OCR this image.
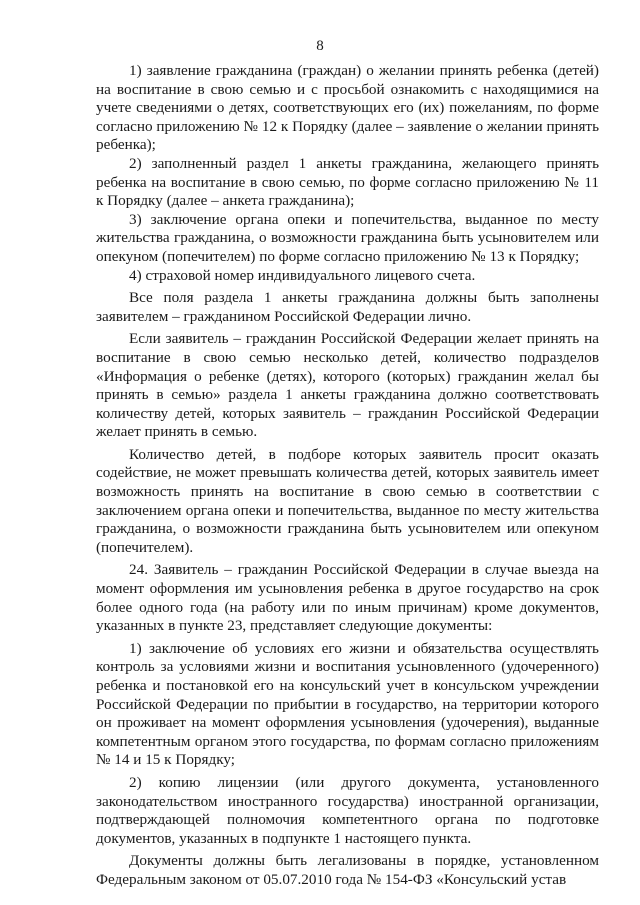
8

1) заявление гражданина (граждан) о желании принять ребенка (детей) на воспитание в свою семью и с просьбой ознакомить с находящимися на учете сведениями о детях, соответствующих его (их) пожеланиям, по форме согласно приложению № 12 к Порядку (далее – заявление о желании принять ребенка);

2) заполненный раздел 1 анкеты гражданина, желающего принять ребенка на воспитание в свою семью, по форме согласно приложению № 11 к Порядку (далее – анкета гражданина);

3) заключение органа опеки и попечительства, выданное по месту жительства гражданина, о возможности гражданина быть усыновителем или опекуном (попечителем) по форме согласно приложению № 13 к Порядку;

4) страховой номер индивидуального лицевого счета.

Все поля раздела 1 анкеты гражданина должны быть заполнены заявителем – гражданином Российской Федерации лично.

Если заявитель – гражданин Российской Федерации желает принять на воспитание в свою семью несколько детей, количество подразделов «Информация о ребенке (детях), которого (которых) гражданин желал бы принять в семью» раздела 1 анкеты гражданина должно соответствовать количеству детей, которых заявитель – гражданин Российской Федерации желает принять в семью.

Количество детей, в подборе которых заявитель просит оказать содействие, не может превышать количества детей, которых заявитель имеет возможность принять на воспитание в свою семью в соответствии с заключением органа опеки и попечительства, выданное по месту жительства гражданина, о возможности гражданина быть усыновителем или опекуном (попечителем).

24. Заявитель – гражданин Российской Федерации в случае выезда на момент оформления им усыновления ребенка в другое государство на срок более одного года (на работу или по иным причинам) кроме документов, указанных в пункте 23, представляет следующие документы:

1) заключение об условиях его жизни и обязательства осуществлять контроль за условиями жизни и воспитания усыновленного (удочеренного) ребенка и постановкой его на консульский учет в консульском учреждении Российской Федерации по прибытии в государство, на территории которого он проживает на момент оформления усыновления (удочерения), выданные компетентным органом этого государства, по формам согласно приложениям № 14 и 15 к Порядку;

2) копию лицензии (или другого документа, установленного законодательством иностранного государства) иностранной организации, подтверждающей полномочия компетентного органа по подготовке документов, указанных в подпункте 1 настоящего пункта.

Документы должны быть легализованы в порядке, установленном Федеральным законом от 05.07.2010 года № 154-ФЗ «Консульский устав
